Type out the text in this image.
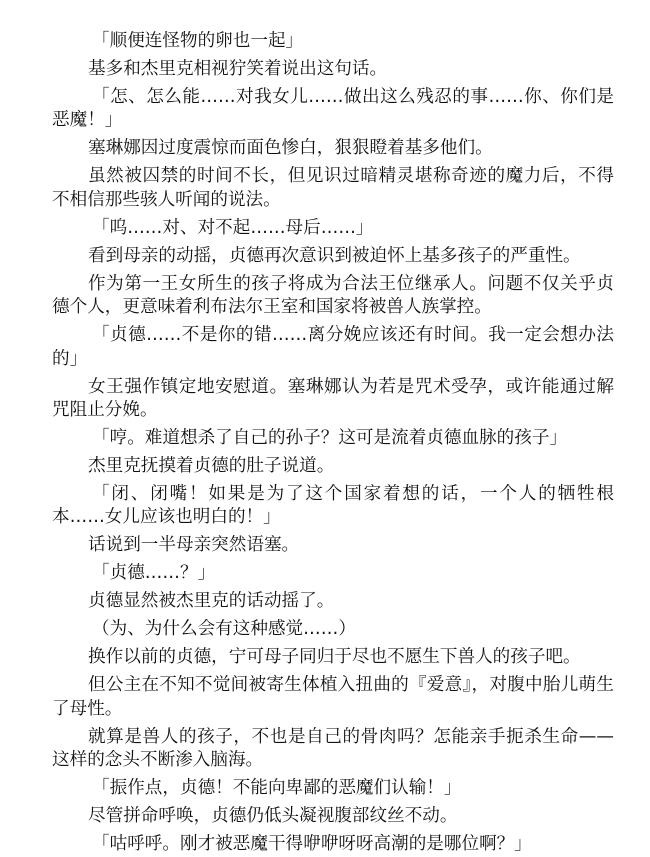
「顺便连怪物的卵也一起」

基多和杰里克相视狞笑着说出这句话。

「怎、怎么能……对我女儿……做出这么残忍的事……你、你们是恶魔！」

塞琳娜因过度震惊而面色惨白，狠狠瞪着基多他们。

虽然被囚禁的时间不长，但见识过暗精灵堪称奇迹的魔力后，不得不相信那些骇人听闻的说法。

「呜……对、对不起……母后……」

看到母亲的动摇，贞德再次意识到被迫怀上基多孩子的严重性。

作为第一王女所生的孩子将成为合法王位继承人。问题不仅关乎贞德个人，更意味着利布法尔王室和国家将被兽人族掌控。

「贞德……不是你的错……离分娩应该还有时间。我一定会想办法的」

女王强作镇定地安慰道。塞琳娜认为若是咒术受孕，或许能通过解咒阻止分娩。

「哼。难道想杀了自己的孙子？这可是流着贞德血脉的孩子」

杰里克抚摸着贞德的肚子说道。

「闭、闭嘴！如果是为了这个国家着想的话，一个人的牺牲根本……女儿应该也明白的！」

话说到一半母亲突然语塞。

「贞德……？」

贞德显然被杰里克的话动摇了。

（为、为什么会有这种感觉……）

换作以前的贞德，宁可母子同归于尽也不愿生下兽人的孩子吧。

但公主在不知不觉间被寄生体植入扭曲的『爱意』，对腹中胎儿萌生了母性。

就算是兽人的孩子，不也是自己的骨肉吗？怎能亲手扼杀生命——这样的念头不断渗入脑海。

「振作点，贞德！不能向卑鄙的恶魔们认输！」

尽管拼命呼唤，贞德仍低头凝视腹部纹丝不动。

「咕呼呼。刚才被恶魔干得咿咿呀呀高潮的是哪位啊？」
